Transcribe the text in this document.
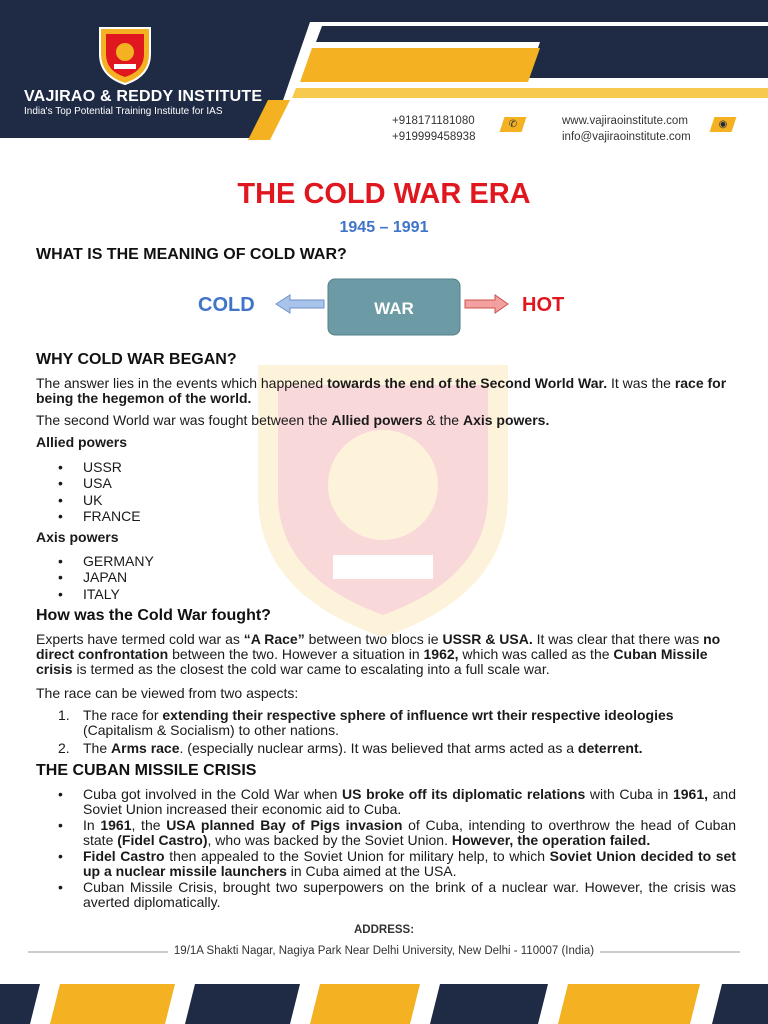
VAJIRAO & REDDY INSTITUTE
India's Top Potential Training Institute for IAS
+918171181080
+919999458938
✆	www.vajiraoinstitute.com
info@vajiraoinstitute.com
◉
THE COLD WAR ERA
1945 – 1991
WHAT IS THE MEANING OF COLD WAR?
WAR
COLD	HOT
WHY COLD WAR BEGAN?
The answer lies in the events which happened towards the end of the Second World War. It was the race for being the hegemon of the world.
The second World war was fought between the Allied powers & the Axis powers.
Allied powers
• USSR
• USA
• UK
• FRANCE
Axis powers
• GERMANY
• JAPAN
• ITALY
How was the Cold War fought?
Experts have termed cold war as “A Race” between two blocs ie USSR & USA. It was clear that there was no direct confrontation between the two. However a situation in 1962, which was called as the Cuban Missile crisis is termed as the closest the cold war came to escalating into a full scale war.
The race can be viewed from two aspects:
1. The race for extending their respective sphere of influence wrt their respective ideologies (Capitalism & Socialism) to other nations.
2. The Arms race. (especially nuclear arms). It was believed that arms acted as a deterrent.
THE CUBAN MISSILE CRISIS
• Cuba got involved in the Cold War when US broke off its diplomatic relations with Cuba in 1961, and Soviet Union increased their economic aid to Cuba.
• In 1961, the USA planned Bay of Pigs invasion of Cuba, intending to overthrow the head of Cuban state (Fidel Castro), who was backed by the Soviet Union. However, the operation failed.
• Fidel Castro then appealed to the Soviet Union for military help, to which Soviet Union decided to set up a nuclear missile launchers in Cuba aimed at the USA.
• Cuban Missile Crisis, brought two superpowers on the brink of a nuclear war. However, the crisis was averted diplomatically.
ADDRESS:
19/1A Shakti Nagar, Nagiya Park Near Delhi University, New Delhi - 110007 (India)
